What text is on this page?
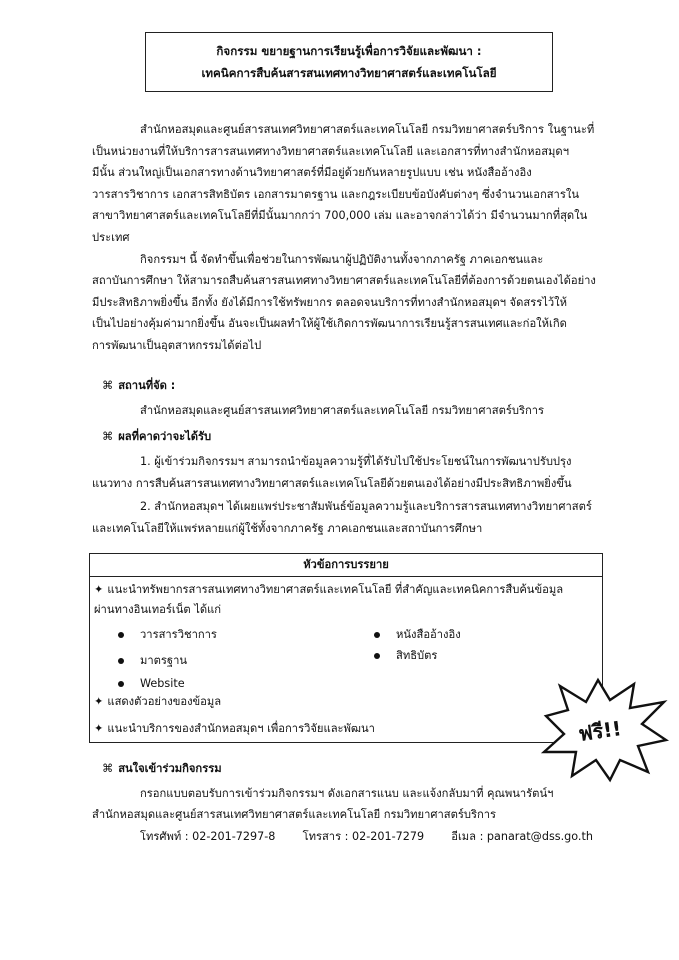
กิจกรรม ขยายฐานการเรียนรู้เพื่อการวิจัยและพัฒนา :
เทคนิคการสืบค้นสารสนเทศทางวิทยาศาสตร์และเทคโนโลยี
สำนักหอสมุดและศูนย์สารสนเทศวิทยาศาสตร์และเทคโนโลยี กรมวิทยาศาสตร์บริการ ในฐานะที่
เป็นหน่วยงานที่ให้บริการสารสนเทศทางวิทยาศาสตร์และเทคโนโลยี และเอกสารที่ทางสำนักหอสมุดฯ
มีนั้น ส่วนใหญ่เป็นเอกสารทางด้านวิทยาศาสตร์ที่มีอยู่ด้วยกันหลายรูปแบบ เช่น หนังสืออ้างอิง
วารสารวิชาการ เอกสารสิทธิบัตร เอกสารมาตรฐาน และกฎระเบียบข้อบังคับต่างๆ ซึ่งจำนวนเอกสารใน
สาขาวิทยาศาสตร์และเทคโนโลยีที่มีนั้นมากกว่า 700,000 เล่ม และอาจกล่าวได้ว่า มีจำนวนมากที่สุดใน
ประเทศ
กิจกรรมฯ นี้ จัดทำขึ้นเพื่อช่วยในการพัฒนาผู้ปฏิบัติงานทั้งจากภาครัฐ ภาคเอกชนและ
สถาบันการศึกษา ให้สามารถสืบค้นสารสนเทศทางวิทยาศาสตร์และเทคโนโลยีที่ต้องการด้วยตนเองได้อย่าง
มีประสิทธิภาพยิ่งขึ้น อีกทั้ง ยังได้มีการใช้ทรัพยากร ตลอดจนบริการที่ทางสำนักหอสมุดฯ จัดสรรไว้ให้
เป็นไปอย่างคุ้มค่ามากยิ่งขึ้น อันจะเป็นผลทำให้ผู้ใช้เกิดการพัฒนาการเรียนรู้สารสนเทศและก่อให้เกิด
การพัฒนาเป็นอุตสาหกรรมได้ต่อไป
⌘ สถานที่จัด :
สำนักหอสมุดและศูนย์สารสนเทศวิทยาศาสตร์และเทคโนโลยี กรมวิทยาศาสตร์บริการ
⌘ ผลที่คาดว่าจะได้รับ
1. ผู้เข้าร่วมกิจกรรมฯ สามารถนำข้อมูลความรู้ที่ได้รับไปใช้ประโยชน์ในการพัฒนาปรับปรุง
แนวทาง การสืบค้นสารสนเทศทางวิทยาศาสตร์และเทคโนโลยีด้วยตนเองได้อย่างมีประสิทธิภาพยิ่งขึ้น
2. สำนักหอสมุดฯ ได้เผยแพร่ประชาสัมพันธ์ข้อมูลความรู้และบริการสารสนเทศทางวิทยาศาสตร์
และเทคโนโลยีให้แพร่หลายแก่ผู้ใช้ทั้งจากภาครัฐ ภาคเอกชนและสถาบันการศึกษา
หัวข้อการบรรยาย
✦ แนะนำทรัพยากรสารสนเทศทางวิทยาศาสตร์และเทคโนโลยี ที่สำคัญและเทคนิคการสืบค้นข้อมูล
ผ่านทางอินเทอร์เน็ต ได้แก่
วารสารวิชาการ
มาตรฐาน
Website
หนังสืออ้างอิง
สิทธิบัตร
✦ แสดงตัวอย่างของข้อมูล
✦ แนะนำบริการของสำนักหอสมุดฯ เพื่อการวิจัยและพัฒนา	ฟรี!!
⌘ สนใจเข้าร่วมกิจกรรม
กรอกแบบตอบรับการเข้าร่วมกิจกรรมฯ ดังเอกสารแนบ และแจ้งกลับมาที่ คุณพนารัตน์ฯ
สำนักหอสมุดและศูนย์สารสนเทศวิทยาศาสตร์และเทคโนโลยี กรมวิทยาศาสตร์บริการ
โทรศัพท์ : 02-201-7297-8 โทรสาร : 02-201-7279 อีเมล : panarat@dss.go.th
